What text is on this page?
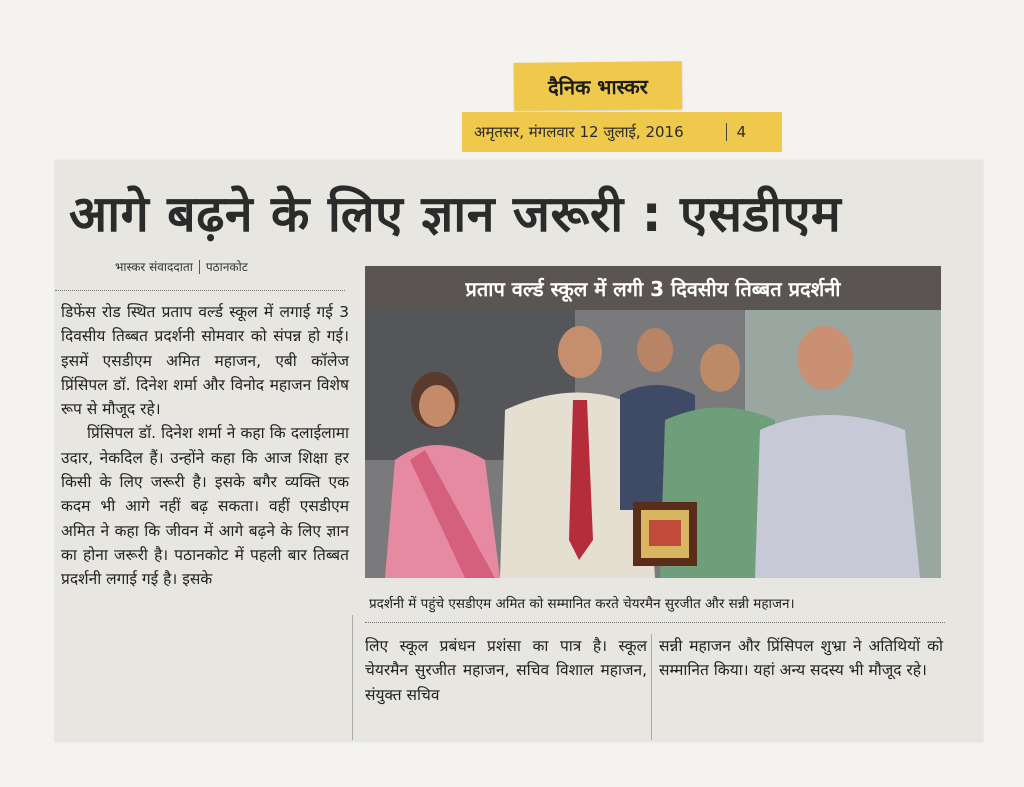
दैनिक भास्कर
अमृतसर, मंगलवार 12 जुलाई, 2016	4
आगे बढ़ने के लिए ज्ञान जरूरी : एसडीएम
भास्कर संवाददाता पठानकोट

डिफेंस रोड स्थित प्रताप वर्ल्ड स्कूल में लगाई गई 3 दिवसीय तिब्बत प्रदर्शनी सोमवार को संपन्न हो गई। इसमें एसडीएम अमित महाजन, एबी कॉलेज प्रिंसिपल डॉ. दिनेश शर्मा और विनोद महाजन विशेष रूप से मौजूद रहे।

प्रिंसिपल डॉ. दिनेश शर्मा ने कहा कि दलाईलामा उदार, नेकदिल हैं। उन्होंने कहा कि आज शिक्षा हर किसी के लिए जरूरी है। इसके बगैर व्यक्ति एक कदम भी आगे नहीं बढ़ सकता। वहीं एसडीएम अमित ने कहा कि जीवन में आगे बढ़ने के लिए ज्ञान का होना जरूरी है। पठानकोट में पहली बार तिब्बत प्रदर्शनी लगाई गई है। इसके

प्रताप वर्ल्ड स्कूल में लगी 3 दिवसीय तिब्बत प्रदर्शनी
प्रदर्शनी में पहुंचे एसडीएम अमित को सम्मानित करते चेयरमैन सुरजीत और सन्नी महाजन।
लिए स्कूल प्रबंधन प्रशंसा का पात्र है। स्कूल चेयरमैन सुरजीत महाजन, सचिव विशाल महाजन, संयुक्त सचिव
सन्नी महाजन और प्रिंसिपल शुभ्रा ने अतिथियों को सम्मानित किया। यहां अन्य सदस्य भी मौजूद रहे।
